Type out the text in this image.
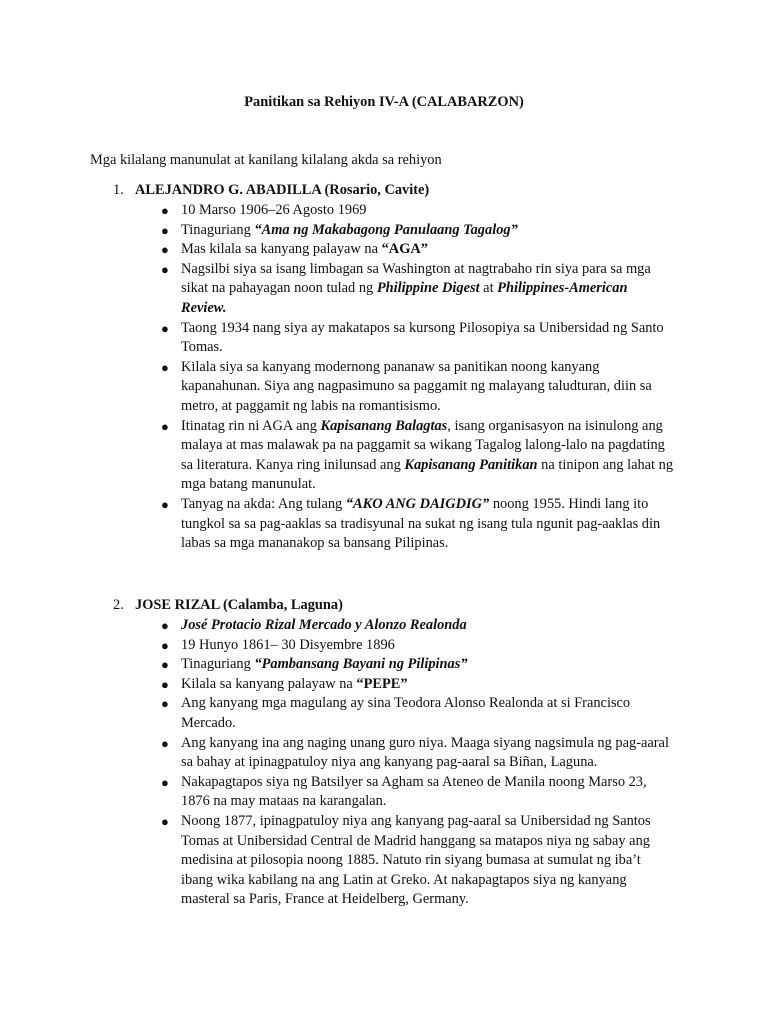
Panitikan sa Rehiyon IV-A (CALABARZON)
Mga kilalang manunulat at kanilang kilalang akda sa rehiyon
1. ALEJANDRO G. ABADILLA (Rosario, Cavite)
● 10 Marso 1906–26 Agosto 1969
● Tinaguriang “Ama ng Makabagong Panulaang Tagalog”
● Mas kilala sa kanyang palayaw na “AGA”
● Nagsilbi siya sa isang limbagan sa Washington at nagtrabaho rin siya para sa mga sikat na pahayagan noon tulad ng Philippine Digest at Philippines-American Review.
● Taong 1934 nang siya ay makatapos sa kursong Pilosopiya sa Unibersidad ng Santo Tomas.
● Kilala siya sa kanyang modernong pananaw sa panitikan noong kanyang kapanahunan. Siya ang nagpasimuno sa paggamit ng malayang taludturan, diin sa metro, at paggamit ng labis na romantisismo.
● Itinatag rin ni AGA ang Kapisanang Balagtas, isang organisasyon na isinulong ang malaya at mas malawak pa na paggamit sa wikang Tagalog lalong-lalo na pagdating sa literatura. Kanya ring inilunsad ang Kapisanang Panitikan na tinipon ang lahat ng mga batang manunulat.
● Tanyag na akda: Ang tulang “AKO ANG DAIGDIG” noong 1955. Hindi lang ito tungkol sa sa pag-aaklas sa tradisyunal na sukat ng isang tula ngunit pag-aaklas din labas sa mga mananakop sa bansang Pilipinas.
2. JOSE RIZAL (Calamba, Laguna)
● José Protacio Rizal Mercado y Alonzo Realonda
● 19 Hunyo 1861– 30 Disyembre 1896
● Tinaguriang “Pambansang Bayani ng Pilipinas”
● Kilala sa kanyang palayaw na “PEPE”
● Ang kanyang mga magulang ay sina Teodora Alonso Realonda at si Francisco Mercado.
● Ang kanyang ina ang naging unang guro niya. Maaga siyang nagsimula ng pag-aaral sa bahay at ipinagpatuloy niya ang kanyang pag-aaral sa Biñan, Laguna.
● Nakapagtapos siya ng Batsilyer sa Agham sa Ateneo de Manila noong Marso 23, 1876 na may mataas na karangalan.
● Noong 1877, ipinagpatuloy niya ang kanyang pag-aaral sa Unibersidad ng Santos Tomas at Unibersidad Central de Madrid hanggang sa matapos niya ng sabay ang medisina at pilosopia noong 1885. Natuto rin siyang bumasa at sumulat ng iba’t ibang wika kabilang na ang Latin at Greko. At nakapagtapos siya ng kanyang masteral sa Paris, France at Heidelberg, Germany.
